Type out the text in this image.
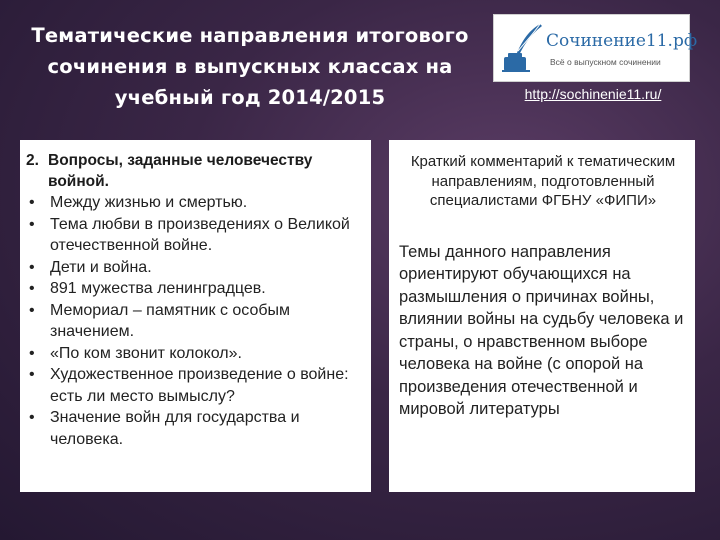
Тематические направления итогового
сочинения в выпускных классах на
учебный год 2014/2015
Сочинение11.рф
Всё о выпускном сочинении
http://sochinenie11.ru/
2. Вопросы, заданные человечеству войной.
• Между жизнью и смертью.
• Тема любви в произведениях о Великой отечественной войне.
• Дети и война.
• 891 мужества ленинградцев.
• Мемориал – памятник с особым значением.
• «По ком звонит колокол».
• Художественное произведение о войне: есть ли место вымыслу?
• Значение войн для государства и человека.
Краткий комментарий к тематическим направлениям, подготовленный специалистами ФГБНУ «ФИПИ»
Темы данного направления ориентируют обучающихся на размышления о причинах войны, влиянии войны на судьбу человека и страны, о нравственном выборе человека на войне (с опорой на произведения отечественной и мировой литературы
